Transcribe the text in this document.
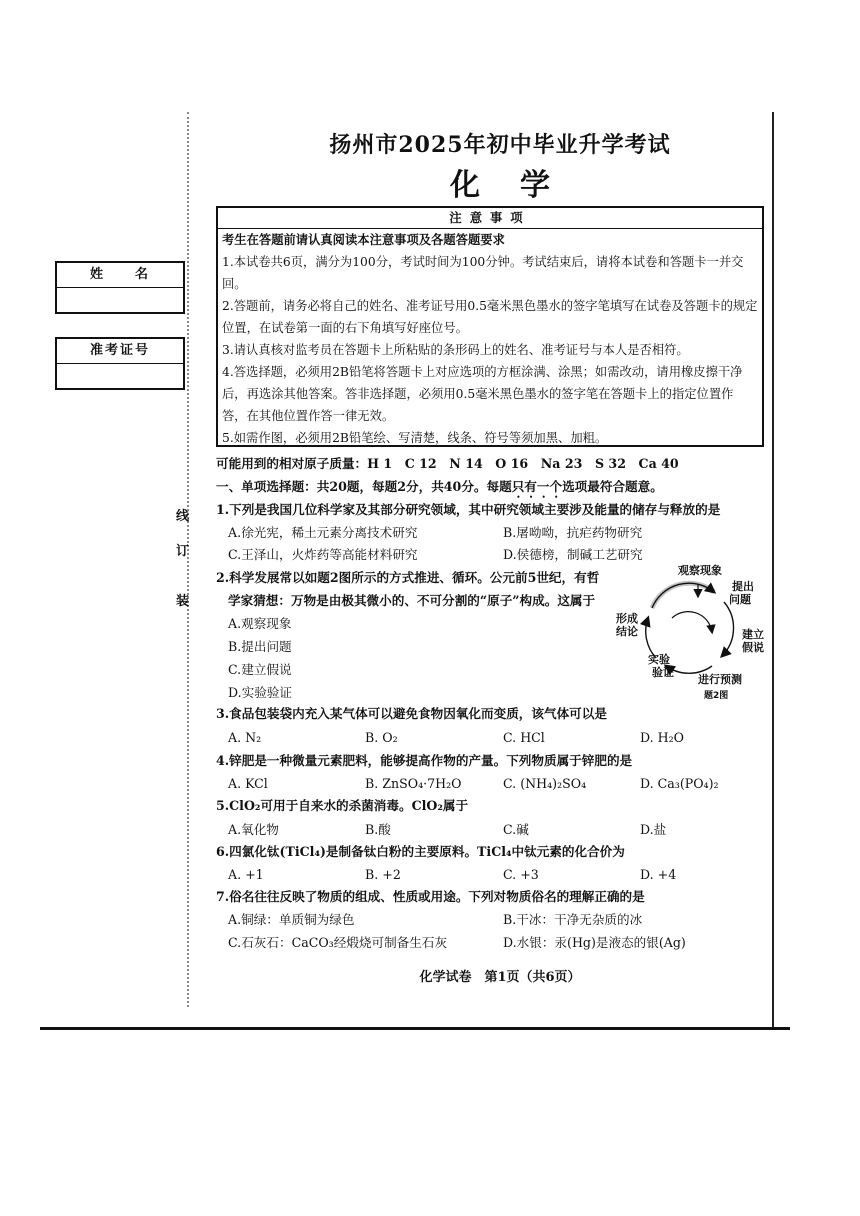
姓　　名
准考证号
装
订
线
扬州市2025年初中毕业升学考试
化学
注意事项

考生在答题前请认真阅读本注意事项及各题答题要求

1.本试卷共6页，满分为100分，考试时间为100分钟。考试结束后，请将本试卷和答题卡一并交回。

2.答题前，请务必将自己的姓名、准考证号用0.5毫米黑色墨水的签字笔填写在试卷及答题卡的规定位置，在试卷第一面的右下角填写好座位号。

3.请认真核对监考员在答题卡上所粘贴的条形码上的姓名、准考证号与本人是否相符。

4.答选择题，必须用2B铅笔将答题卡上对应选项的方框涂满、涂黑；如需改动，请用橡皮擦干净后，再选涂其他答案。答非选择题，必须用0.5毫米黑色墨水的签字笔在答题卡上的指定位置作答，在其他位置作答一律无效。

5.如需作图，必须用2B铅笔绘、写清楚，线条、符号等须加黑、加粗。

可能用到的相对原子质量：H 1　C 12　N 14　O 16　Na 23　S 32　Ca 40
一、单项选择题：共20题，每题2分，共40分。每题只有一个选项最符合题意。
1.下列是我国几位科学家及其部分研究领域，其中研究领域主要涉及能量的储存与释放的是
A.徐光宪，稀土元素分离技术研究	B.屠呦呦，抗疟药物研究
C.王泽山，火炸药等高能材料研究	D.侯德榜，制碱工艺研究
2.科学发展常以如题2图所示的方式推进、循环。公元前5世纪，有哲
学家猜想：万物是由极其微小的、不可分割的“原子”构成。这属于
A.观察现象
B.提出问题
C.建立假说
D.实验验证
观察现象
提出
问题
建立
假说
进行预测
实验
验证
形成
结论
题2图
3.食品包装袋内充入某气体可以避免食物因氧化而变质，该气体可以是
A. N₂	B. O₂	C. HCl	D. H₂O
4.锌肥是一种微量元素肥料，能够提高作物的产量。下列物质属于锌肥的是
A. KCl	B. ZnSO₄·7H₂O	C. (NH₄)₂SO₄	D. Ca₃(PO₄)₂
5.ClO₂可用于自来水的杀菌消毒。ClO₂属于
A.氧化物	B.酸	C.碱	D.盐
6.四氯化钛(TiCl₄)是制备钛白粉的主要原料。TiCl₄中钛元素的化合价为
A. +1	B. +2	C. +3	D. +4
7.俗名往往反映了物质的组成、性质或用途。下列对物质俗名的理解正确的是
A.铜绿：单质铜为绿色	B.干冰：干净无杂质的冰
C.石灰石：CaCO₃经煅烧可制备生石灰	D.水银：汞(Hg)是液态的银(Ag)
化学试卷　第1页（共6页）
